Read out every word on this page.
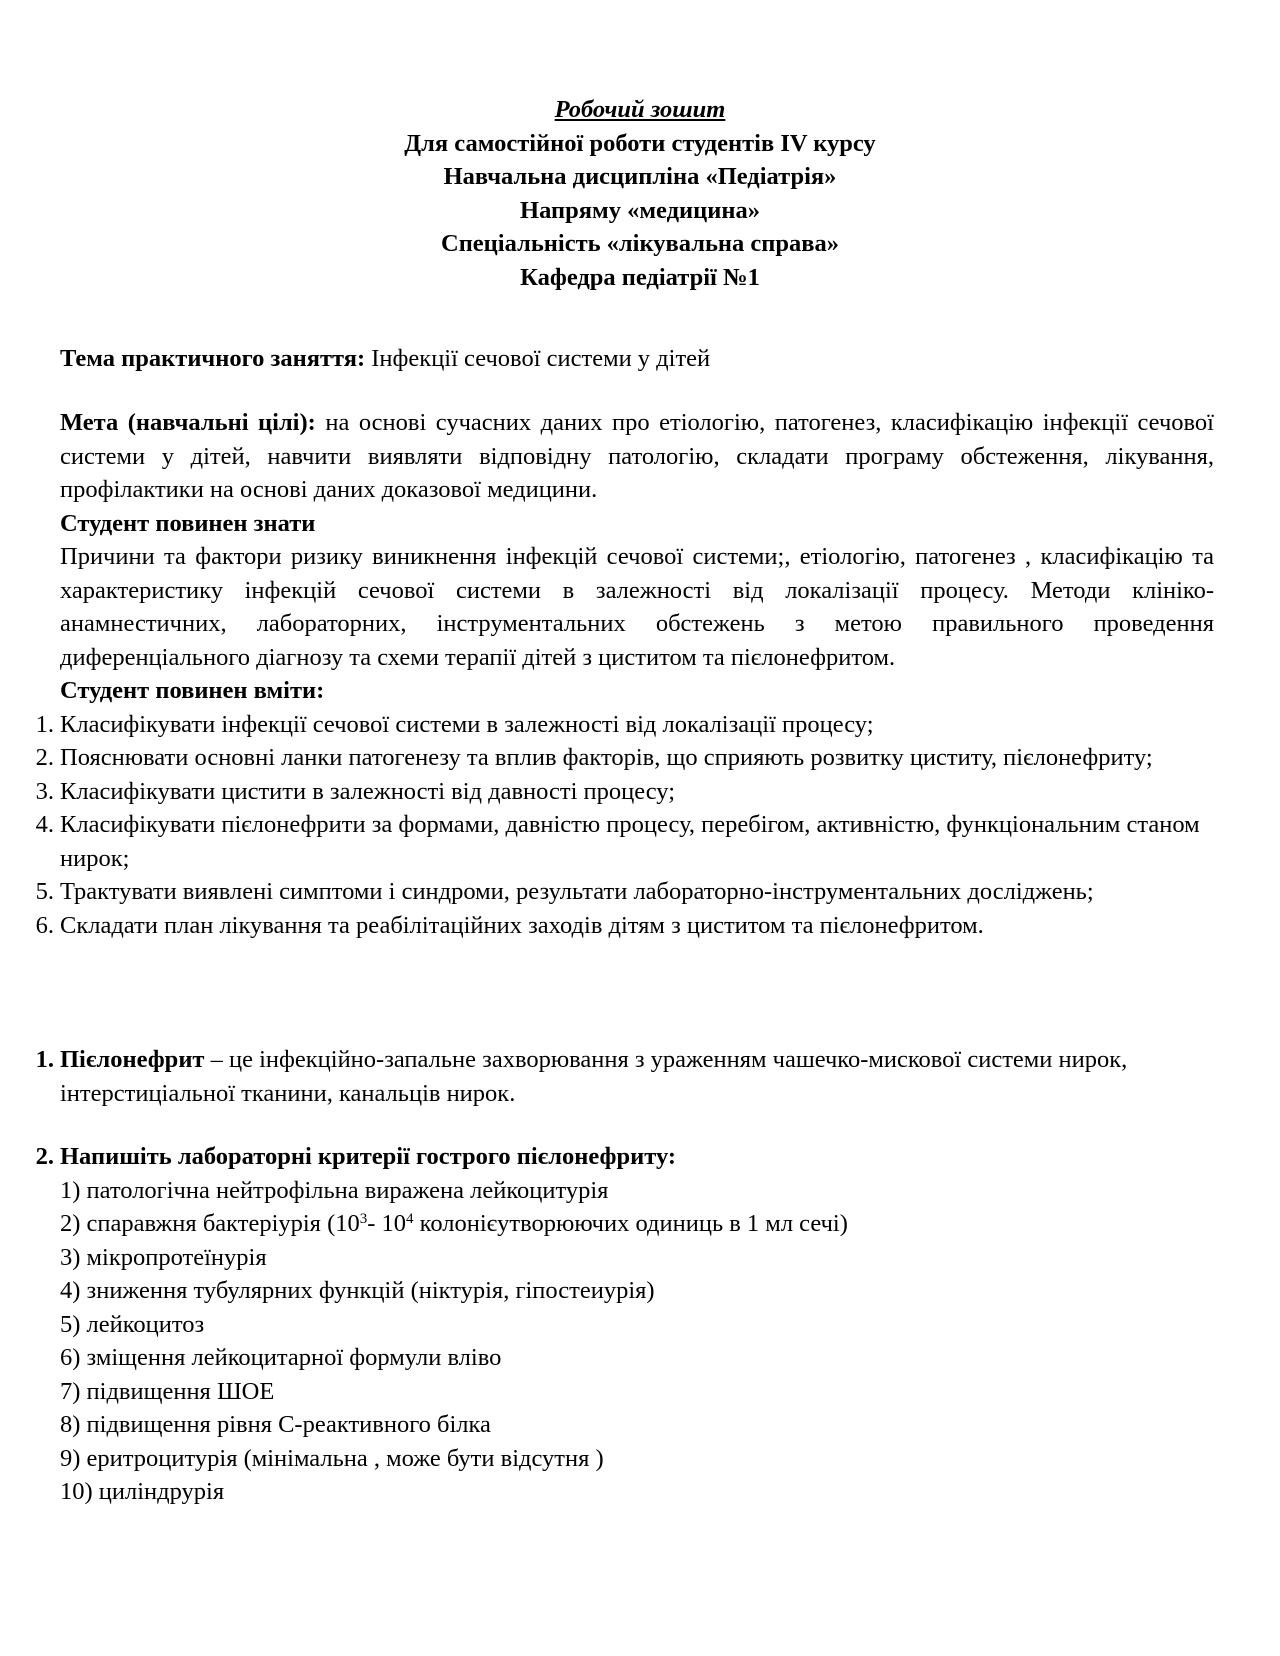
Робочий зошит
Для самостійної роботи студентів IV курсу
Навчальна дисципліна «Педіатрія»
Напряму «медицина»
Спеціальність «лікувальна справа»
Кафедра педіатрії №1
Тема практичного заняття: Інфекції сечової системи у дітей
Мета (навчальні цілі): на основі сучасних даних про етіологію, патогенез, класифікацію інфекції сечової системи у дітей, навчити виявляти відповідну патологію, складати програму обстеження, лікування, профілактики на основі даних доказової медицини.
Студент повинен знати
Причини та фактори ризику виникнення інфекцій сечової системи;, етіологію, патогенез , класифікацію та характеристику інфекцій сечової системи в залежності від локалізації процесу. Методи клініко-анамнестичних, лабораторних, інструментальних обстежень з метою правильного проведення диференціального діагнозу та схеми терапії дітей з циститом та пієлонефритом.
Студент повинен вміти:
1. Класифікувати інфекції сечової системи в залежності від локалізації процесу;
2. Пояснювати основні ланки патогенезу та вплив факторів, що сприяють розвитку циститу, пієлонефриту;
3. Класифікувати цистити в залежності від давності процесу;
4. Класифікувати пієлонефрити за формами, давністю процесу, перебігом, активністю, функціональним станом нирок;
5. Трактувати виявлені симптоми і синдроми, результати лабораторно-інструментальних досліджень;
6. Складати план лікування та реабілітаційних заходів дітям з циститом та пієлонефритом.
1. Пієлонефрит – це інфекційно-запальне захворювання з ураженням чашечко-мискової системи нирок, інтерстиціальної тканини, канальців нирок.
2. Напишіть лабораторні критерії гострого пієлонефриту:
1) патологічна нейтрофільна виражена лейкоцитурія
2) спаравжня бактеріурія ($10^3-$ $10^4$ колонієутворюючих одиниць в 1 мл сечі)
3) мікропротеїнурія
4) зниження тубулярних функцій (ніктурія, гіпостеиурія)
5) лейкоцитоз
6) зміщення лейкоцитарної формули вліво
7) підвищення ШОЕ
8) підвищення рівня С-реактивного білка
9) еритроцитурія (мінімальна , може бути відсутня )
10) циліндрурія
